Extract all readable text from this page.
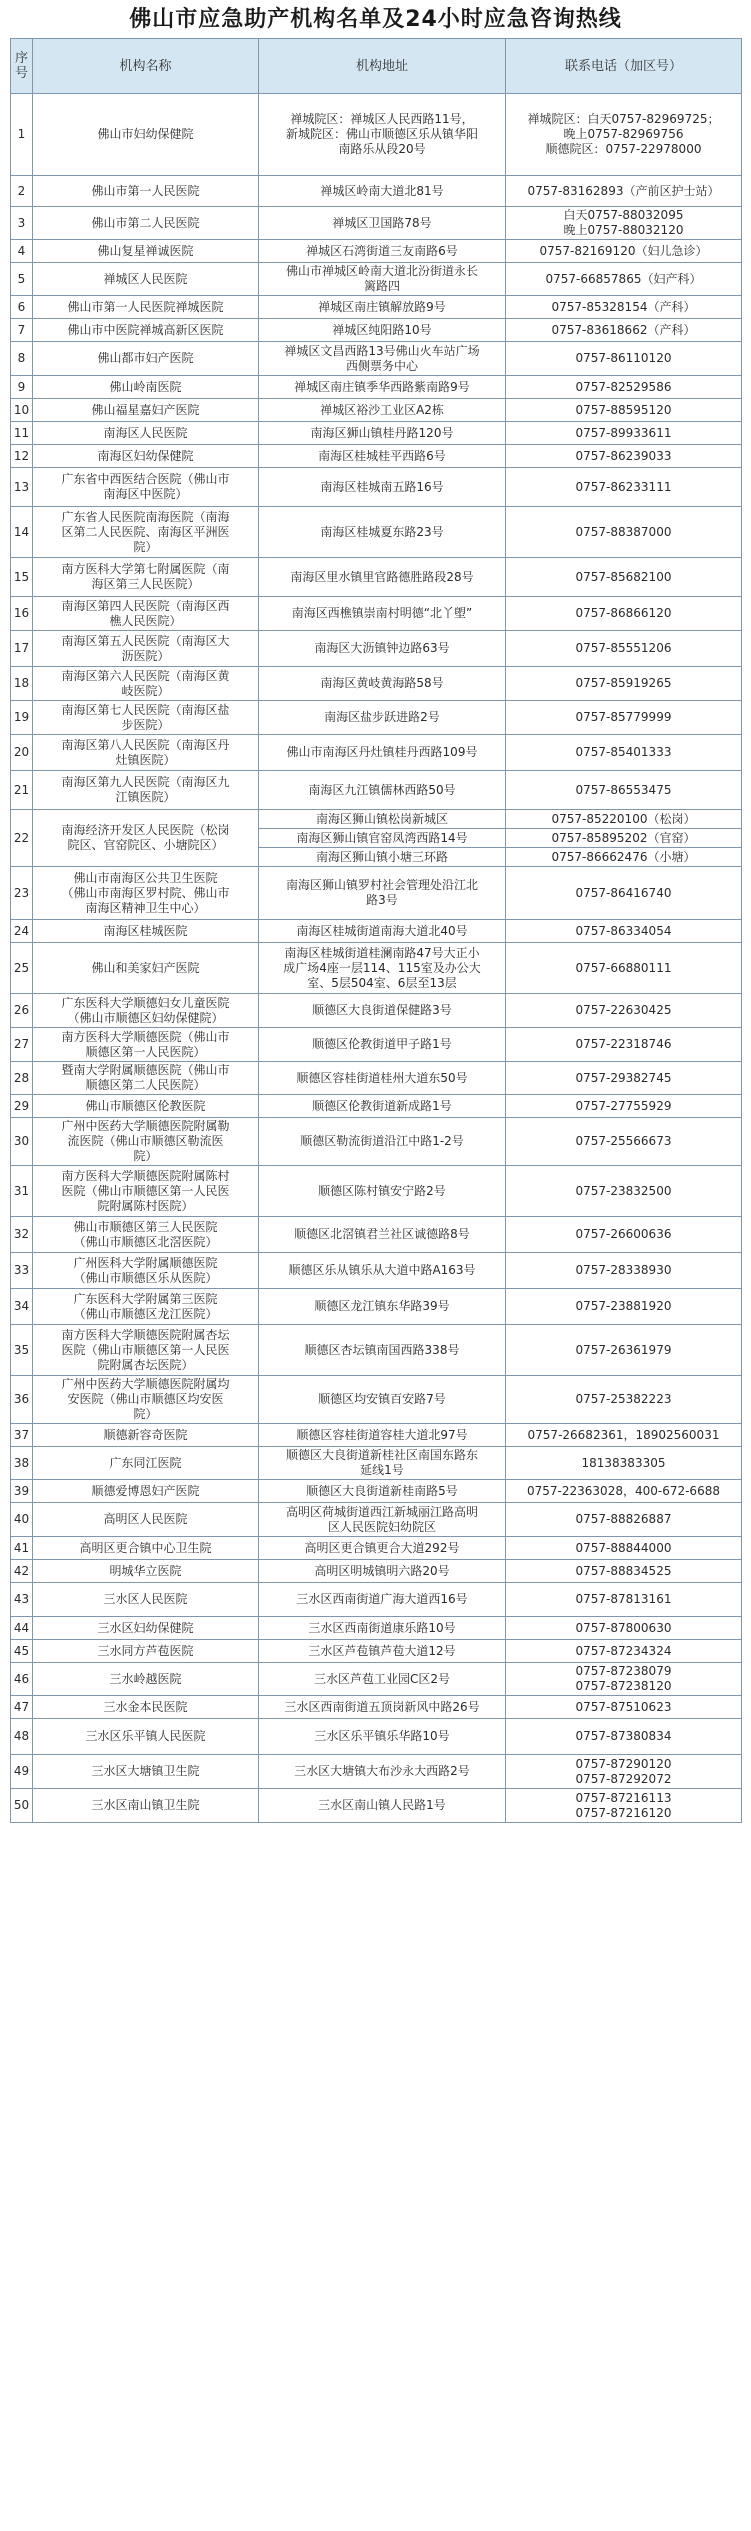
佛山市应急助产机构名单及24小时应急咨询热线
序号	机构名称	机构地址	联系电话（加区号）
1	佛山市妇幼保健院	禅城院区：禅城区人民西路11号，
新城院区：佛山市顺德区乐从镇华阳
南路乐从段20号	禅城院区：白天0757-82969725；
晚上0757-82969756
顺德院区：0757-22978000

2	佛山市第一人民医院	禅城区岭南大道北81号	0757-83162893（产前区护士站）

3	佛山市第二人民医院	禅城区卫国路78号	白天0757-88032095
晚上0757-88032120

4	佛山复星禅诚医院	禅城区石湾街道三友南路6号	0757-82169120（妇儿急诊）

5	禅城区人民医院	佛山市禅城区岭南大道北汾街道永长
篱路四	0757-66857865（妇产科）

6	佛山市第一人民医院禅城医院	禅城区南庄镇解放路9号	0757-85328154（产科）

7	佛山市中医院禅城高新区医院	禅城区纯阳路10号	0757-83618662（产科）

8	佛山都市妇产医院	禅城区文昌西路13号佛山火车站广场
西侧票务中心	0757-86110120

9	佛山岭南医院	禅城区南庄镇季华西路紫南路9号	0757-82529586

10	佛山福星嘉妇产医院	禅城区裕沙工业区A2栋	0757-88595120

11	南海区人民医院	南海区狮山镇桂丹路120号	0757-89933611

12	南海区妇幼保健院	南海区桂城桂平西路6号	0757-86239033

13	广东省中西医结合医院（佛山市
南海区中医院）	南海区桂城南五路16号	0757-86233111

14	广东省人民医院南海医院（南海
区第二人民医院、南海区平洲医
院）	南海区桂城夏东路23号	0757-88387000

15	南方医科大学第七附属医院（南
海区第三人民医院）	南海区里水镇里官路德胜路段28号	0757-85682100

16	南海区第四人民医院（南海区西
樵人民医院）	南海区西樵镇崇南村明德“北丫塱”	0757-86866120

17	南海区第五人民医院（南海区大
沥医院）	南海区大沥镇钟边路63号	0757-85551206

18	南海区第六人民医院（南海区黄
岐医院）	南海区黄岐黄海路58号	0757-85919265

19	南海区第七人民医院（南海区盐
步医院）	南海区盐步跃进路2号	0757-85779999

20	南海区第八人民医院（南海区丹
灶镇医院）	佛山市南海区丹灶镇桂丹西路109号	0757-85401333

21	南海区第九人民医院（南海区九
江镇医院）	南海区九江镇儒林西路50号	0757-86553475

22	南海经济开发区人民医院（松岗
院区、官窑院区、小塘院区）	南海区狮山镇松岗新城区	0757-85220100（松岗）
		南海区狮山镇官窑凤湾西路14号	0757-85895202（官窑）
		南海区狮山镇小塘三环路	0757-86662476（小塘）
23	佛山市南海区公共卫生医院
（佛山市南海区罗村院、佛山市
南海区精神卫生中心）	南海区狮山镇罗村社会管理处沿江北
路3号	0757-86416740

24	南海区桂城医院	南海区桂城街道南海大道北40号	0757-86334054

25	佛山和美家妇产医院	南海区桂城街道桂澜南路47号大正小
成广场4座一层114、115室及办公大
室、5层504室、6层至13层	0757-66880111

26	广东医科大学顺德妇女儿童医院
（佛山市顺德区妇幼保健院）	顺德区大良街道保健路3号	0757-22630425

27	南方医科大学顺德医院（佛山市
顺德区第一人民医院）	顺德区伦教街道甲子路1号	0757-22318746

28	暨南大学附属顺德医院（佛山市
顺德区第二人民医院）	顺德区容桂街道桂州大道东50号	0757-29382745

29	佛山市顺德区伦教医院	顺德区伦教街道新成路1号	0757-27755929

30	广州中医药大学顺德医院附属勒
流医院（佛山市顺德区勒流医
院）	顺德区勒流街道沿江中路1-2号	0757-25566673

31	南方医科大学顺德医院附属陈村
医院（佛山市顺德区第一人民医
院附属陈村医院）	顺德区陈村镇安宁路2号	0757-23832500

32	佛山市顺德区第三人民医院
（佛山市顺德区北滘医院）	顺德区北滘镇君兰社区诚德路8号	0757-26600636

33	广州医科大学附属顺德医院
（佛山市顺德区乐从医院）	顺德区乐从镇乐从大道中路A163号	0757-28338930

34	广东医科大学附属第三医院
（佛山市顺德区龙江医院）	顺德区龙江镇东华路39号	0757-23881920

35	南方医科大学顺德医院附属杏坛
医院（佛山市顺德区第一人民医
院附属杏坛医院）	顺德区杏坛镇南国西路338号	0757-26361979

36	广州中医药大学顺德医院附属均
安医院（佛山市顺德区均安医
院）	顺德区均安镇百安路7号	0757-25382223

37	顺德新容奇医院	顺德区容桂街道容桂大道北97号	0757-26682361，18902560031

38	广东同江医院	顺德区大良街道新桂社区南国东路东
延线1号	18138383305

39	顺德爱博恩妇产医院	顺德区大良街道新桂南路5号	0757-22363028，400-672-6688

40	高明区人民医院	高明区荷城街道西江新城丽江路高明
区人民医院妇幼院区	0757-88826887

41	高明区更合镇中心卫生院	高明区更合镇更合大道292号	0757-88844000

42	明城华立医院	高明区明城镇明六路20号	0757-88834525

43	三水区人民医院	三水区西南街道广海大道西16号	0757-87813161

44	三水区妇幼保健院	三水区西南街道康乐路10号	0757-87800630

45	三水同方芦苞医院	三水区芦苞镇芦苞大道12号	0757-87234324

46	三水岭越医院	三水区芦苞工业园C区2号	0757-87238079
0757-87238120

47	三水金本民医院	三水区西南街道五顶岗新风中路26号	0757-87510623

48	三水区乐平镇人民医院	三水区乐平镇乐华路10号	0757-87380834

49	三水区大塘镇卫生院	三水区大塘镇大布沙永大西路2号	0757-87290120
0757-87292072

50	三水区南山镇卫生院	三水区南山镇人民路1号	0757-87216113
0757-87216120
